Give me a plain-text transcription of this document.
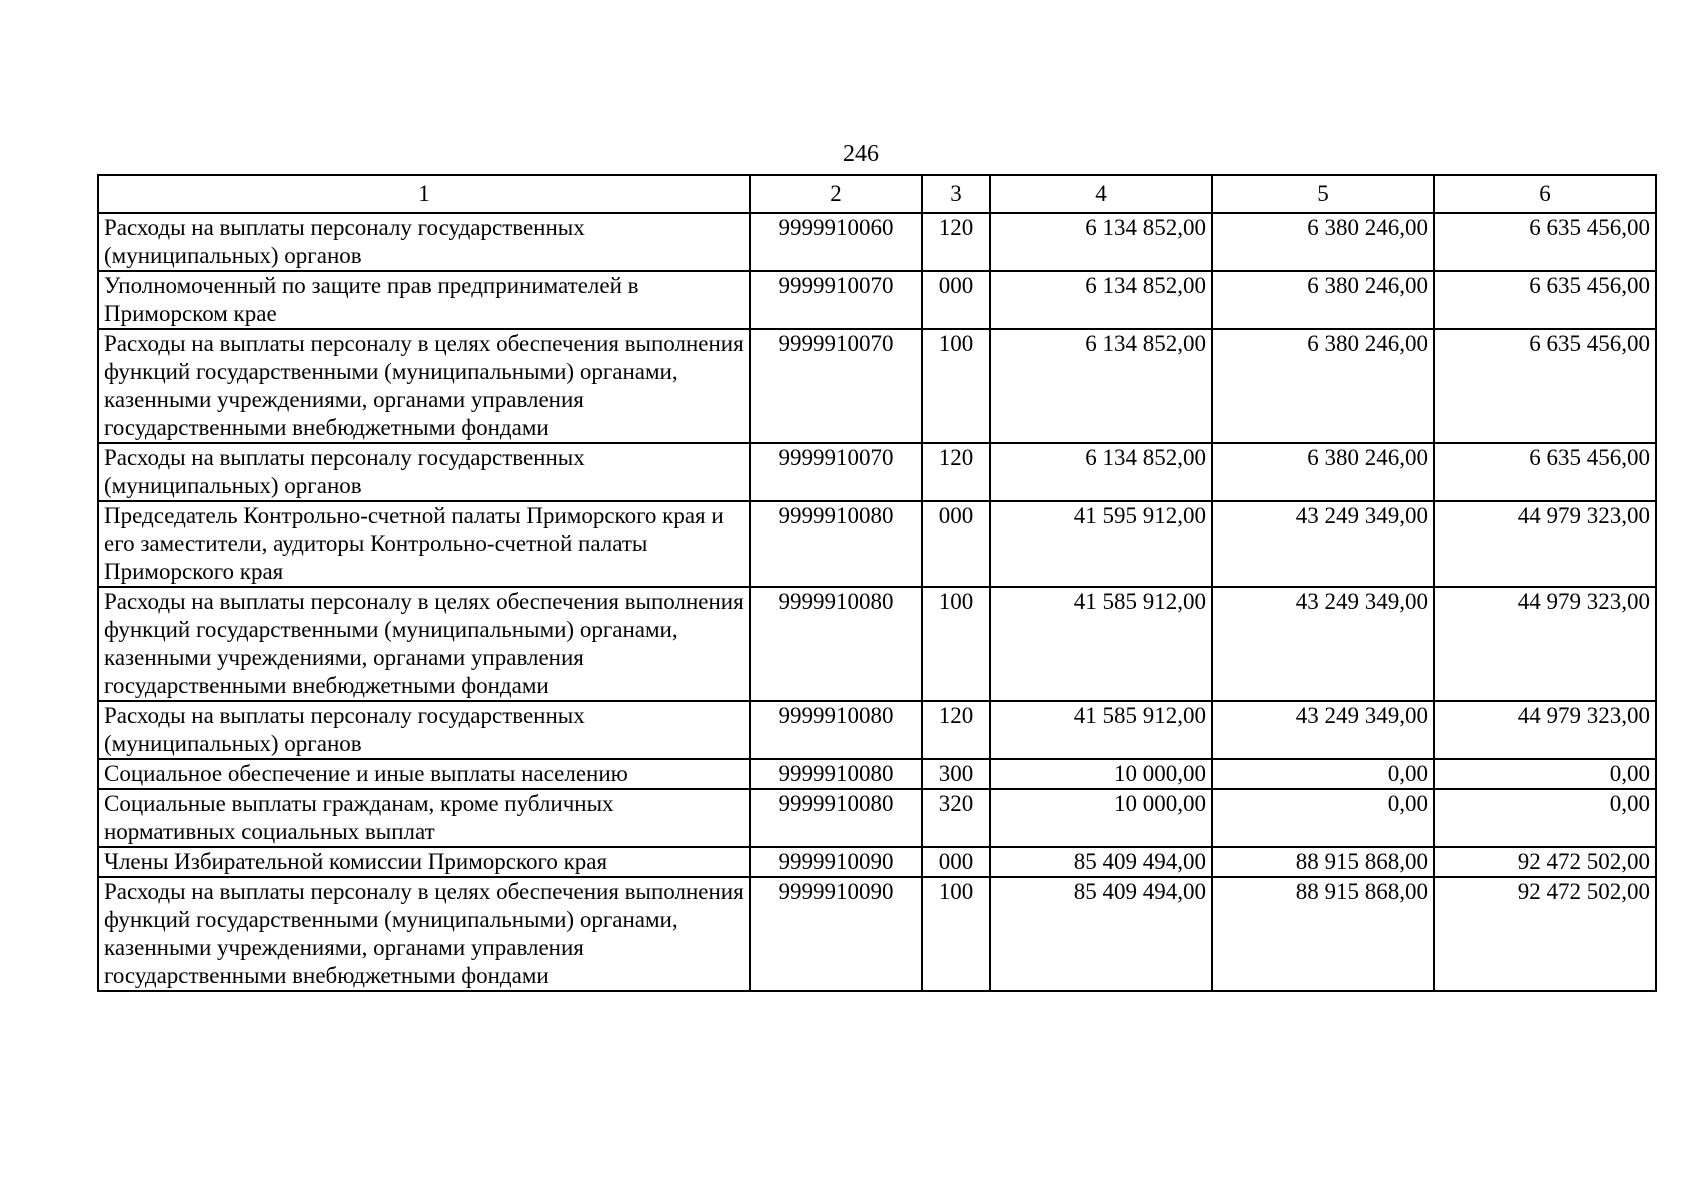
246
1	2	3	4	5	6
Расходы на выплаты персоналу государственных (муниципальных) органов	9999910060	120	6 134 852,00	6 380 246,00	6 635 456,00
Уполномоченный по защите прав предпринимателей в Приморском крае	9999910070	000	6 134 852,00	6 380 246,00	6 635 456,00
Расходы на выплаты персоналу в целях обеспечения выполнения функций государственными (муниципальными) органами, казенными учреждениями, органами управления государственными внебюджетными фондами	9999910070	100	6 134 852,00	6 380 246,00	6 635 456,00
Расходы на выплаты персоналу государственных (муниципальных) органов	9999910070	120	6 134 852,00	6 380 246,00	6 635 456,00
Председатель Контрольно-счетной палаты Приморского края и его заместители, аудиторы Контрольно-счетной палаты Приморского края	9999910080	000	41 595 912,00	43 249 349,00	44 979 323,00
Расходы на выплаты персоналу в целях обеспечения выполнения функций государственными (муниципальными) органами, казенными учреждениями, органами управления государственными внебюджетными фондами	9999910080	100	41 585 912,00	43 249 349,00	44 979 323,00
Расходы на выплаты персоналу государственных (муниципальных) органов	9999910080	120	41 585 912,00	43 249 349,00	44 979 323,00
Социальное обеспечение и иные выплаты населению	9999910080	300	10 000,00	0,00	0,00
Социальные выплаты гражданам, кроме публичных нормативных социальных выплат	9999910080	320	10 000,00	0,00	0,00
Члены Избирательной комиссии Приморского края	9999910090	000	85 409 494,00	88 915 868,00	92 472 502,00
Расходы на выплаты персоналу в целях обеспечения выполнения функций государственными (муниципальными) органами, казенными учреждениями, органами управления государственными внебюджетными фондами	9999910090	100	85 409 494,00	88 915 868,00	92 472 502,00
